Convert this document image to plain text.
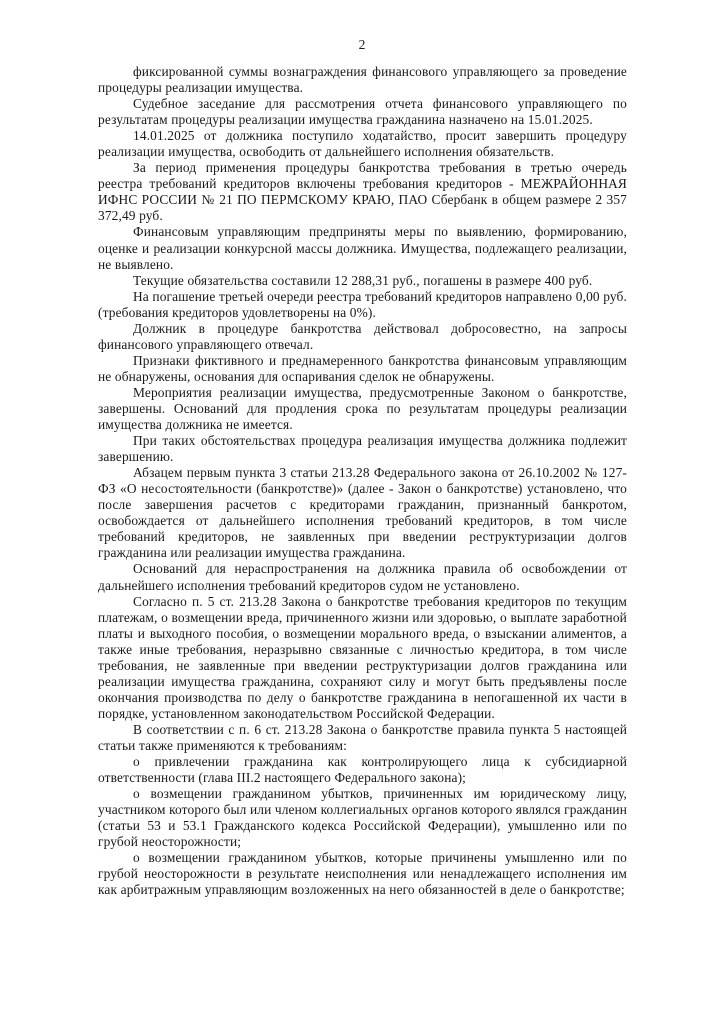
2

фиксированной суммы вознаграждения финансового управляющего за проведение процедуры реализации имущества.

Судебное заседание для рассмотрения отчета финансового управляющего по результатам процедуры реализации имущества гражданина назначено на 15.01.2025.

14.01.2025 от должника поступило ходатайство, просит завершить процедуру реализации имущества, освободить от дальнейшего исполнения обязательств.

За период применения процедуры банкротства требования в третью очередь реестра требований кредиторов включены требования кредиторов - МЕЖРАЙОННАЯ ИФНС РОССИИ № 21 ПО ПЕРМСКОМУ КРАЮ, ПАО Сбербанк в общем размере 2 357 372,49 руб.

Финансовым управляющим предприняты меры по выявлению, формированию, оценке и реализации конкурсной массы должника. Имущества, подлежащего реализации, не выявлено.

Текущие обязательства составили 12 288,31 руб., погашены в размере 400 руб.

На погашение третьей очереди реестра требований кредиторов направлено 0,00 руб. (требования кредиторов удовлетворены на 0%).

Должник в процедуре банкротства действовал добросовестно, на запросы финансового управляющего отвечал.

Признаки фиктивного и преднамеренного банкротства финансовым управляющим не обнаружены, основания для оспаривания сделок не обнаружены.

Мероприятия реализации имущества, предусмотренные Законом о банкротстве, завершены. Оснований для продления срока по результатам процедуры реализации имущества должника не имеется.

При таких обстоятельствах процедура реализация имущества должника подлежит завершению.

Абзацем первым пункта 3 статьи 213.28 Федерального закона от 26.10.2002 № 127-ФЗ «О несостоятельности (банкротстве)» (далее - Закон о банкротстве) установлено, что после завершения расчетов с кредиторами гражданин, признанный банкротом, освобождается от дальнейшего исполнения требований кредиторов, в том числе требований кредиторов, не заявленных при введении реструктуризации долгов гражданина или реализации имущества гражданина.

Оснований для нераспространения на должника правила об освобождении от дальнейшего исполнения требований кредиторов судом не установлено.

Согласно п. 5 ст. 213.28 Закона о банкротстве требования кредиторов по текущим платежам, о возмещении вреда, причиненного жизни или здоровью, о выплате заработной платы и выходного пособия, о возмещении морального вреда, о взыскании алиментов, а также иные требования, неразрывно связанные с личностью кредитора, в том числе требования, не заявленные при введении реструктуризации долгов гражданина или реализации имущества гражданина, сохраняют силу и могут быть предъявлены после окончания производства по делу о банкротстве гражданина в непогашенной их части в порядке, установленном законодательством Российской Федерации.

В соответствии с п. 6 ст. 213.28 Закона о банкротстве правила пункта 5 настоящей статьи также применяются к требованиям:

о привлечении гражданина как контролирующего лица к субсидиарной ответственности (глава III.2 настоящего Федерального закона);

о возмещении гражданином убытков, причиненных им юридическому лицу, участником которого был или членом коллегиальных органов которого являлся гражданин (статьи 53 и 53.1 Гражданского кодекса Российской Федерации), умышленно или по грубой неосторожности;

о возмещении гражданином убытков, которые причинены умышленно или по грубой неосторожности в результате неисполнения или ненадлежащего исполнения им как арбитражным управляющим возложенных на него обязанностей в деле о банкротстве;
